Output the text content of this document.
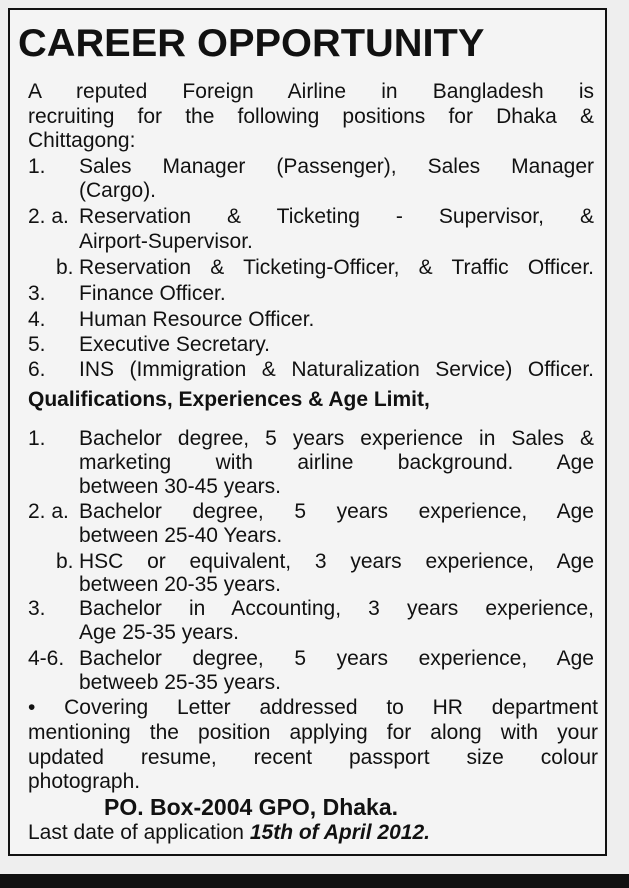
CAREER OPPORTUNITY
A reputed Foreign Airline in Bangladesh is
recruiting for the following positions for Dhaka &
Chittagong:
1. Sales Manager (Passenger), Sales Manager
(Cargo).
2. a. Reservation & Ticketing - Supervisor, &
Airport-Supervisor.
b. Reservation & Ticketing-Officer, & Traffic Officer.
3. Finance Officer.
4. Human Resource Officer.
5. Executive Secretary.
6. INS (Immigration & Naturalization Service) Officer.
Qualifications, Experiences & Age Limit,
1. Bachelor degree, 5 years experience in Sales &
marketing with airline background. Age
between 30-45 years.
2. a. Bachelor degree, 5 years experience, Age
between 25-40 Years.
b. HSC or equivalent, 3 years experience, Age
between 20-35 years.
3. Bachelor in Accounting, 3 years experience,
Age 25-35 years.
4-6. Bachelor degree, 5 years experience, Age
betweeb 25-35 years.
• Covering Letter addressed to HR department
mentioning the position applying for along with your
updated resume, recent passport size colour
photograph.
PO. Box-2004 GPO, Dhaka.
Last date of application 15th of April 2012.
